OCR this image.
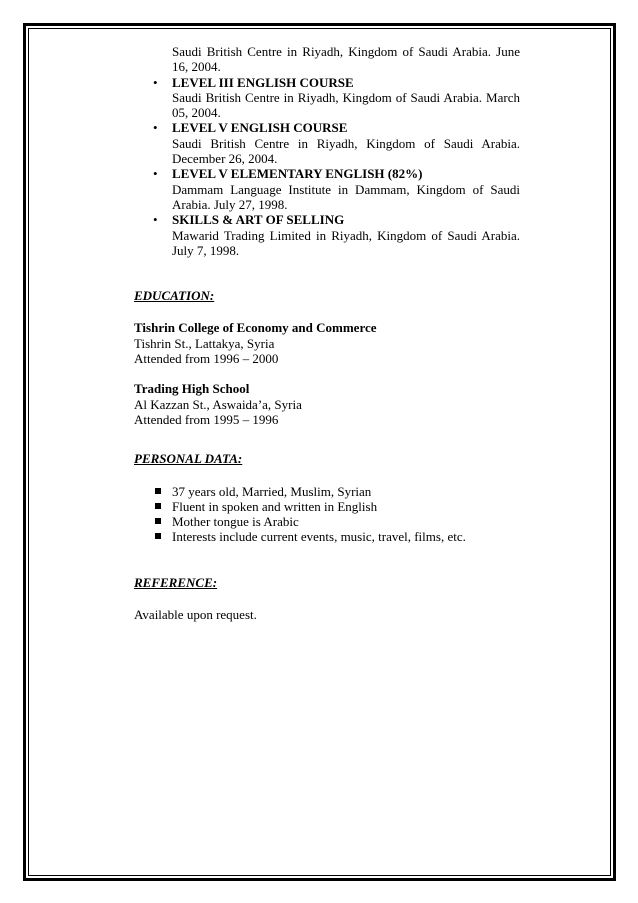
Saudi British Centre in Riyadh, Kingdom of Saudi Arabia. June 16, 2004.
• LEVEL III ENGLISH COURSE
Saudi British Centre in Riyadh, Kingdom of Saudi Arabia. March 05, 2004.
• LEVEL V ENGLISH COURSE
Saudi British Centre in Riyadh, Kingdom of Saudi Arabia. December 26, 2004.
• LEVEL V ELEMENTARY ENGLISH (82%)
Dammam Language Institute in Dammam, Kingdom of Saudi Arabia. July 27, 1998.
• SKILLS & ART OF SELLING
Mawarid Trading Limited in Riyadh, Kingdom of Saudi Arabia. July 7, 1998.
EDUCATION:
Tishrin College of Economy and Commerce
Tishrin St., Lattakya, Syria
Attended from 1996 – 2000
Trading High School
Al Kazzan St., Aswaida’a, Syria
Attended from 1995 – 1996
PERSONAL DATA:
37 years old, Married, Muslim, Syrian
Fluent in spoken and written in English
Mother tongue is Arabic
Interests include current events, music, travel, films, etc.
REFERENCE:
Available upon request.
